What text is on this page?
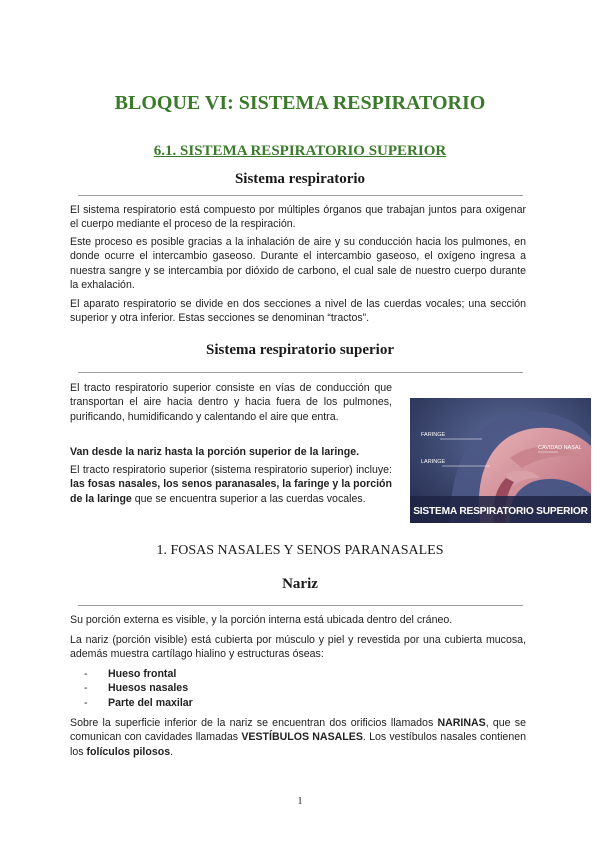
BLOQUE VI: SISTEMA RESPIRATORIO
6.1. SISTEMA RESPIRATORIO SUPERIOR
Sistema respiratorio
El sistema respiratorio está compuesto por múltiples órganos que trabajan juntos para oxigenar el cuerpo mediante el proceso de la respiración.
Este proceso es posible gracias a la inhalación de aire y su conducción hacia los pulmones, en donde ocurre el intercambio gaseoso. Durante el intercambio gaseoso, el oxígeno ingresa a nuestra sangre y se intercambia por dióxido de carbono, el cual sale de nuestro cuerpo durante la exhalación.
El aparato respiratorio se divide en dos secciones a nivel de las cuerdas vocales; una sección superior y otra inferior. Estas secciones se denominan “tractos”.
Sistema respiratorio superior
El tracto respiratorio superior consiste en vías de conducción que transportan el aire hacia dentro y hacia fuera de los pulmones, purificando, humidificando y calentando el aire que entra.
Van desde la nariz hasta la porción superior de la laringe.
El tracto respiratorio superior (sistema respiratorio superior) incluye: las fosas nasales, los senos paranasales, la faringe y la porción de la laringe que se encuentra superior a las cuerdas vocales.
FARINGE
LARINGE
CAVIDAD NASAL
SISTEMA RESPIRATORIO SUPERIOR
1. FOSAS NASALES Y SENOS PARANASALES
Nariz
Su porción externa es visible, y la porción interna está ubicada dentro del cráneo.
La nariz (porción visible) está cubierta por músculo y piel y revestida por una cubierta mucosa, además muestra cartílago hialino y estructuras óseas:
- Hueso frontal
- Huesos nasales
- Parte del maxilar
Sobre la superficie inferior de la nariz se encuentran dos orificios llamados NARINAS, que se comunican con cavidades llamadas VESTÍBULOS NASALES. Los vestíbulos nasales contienen los folículos pilosos.
1
